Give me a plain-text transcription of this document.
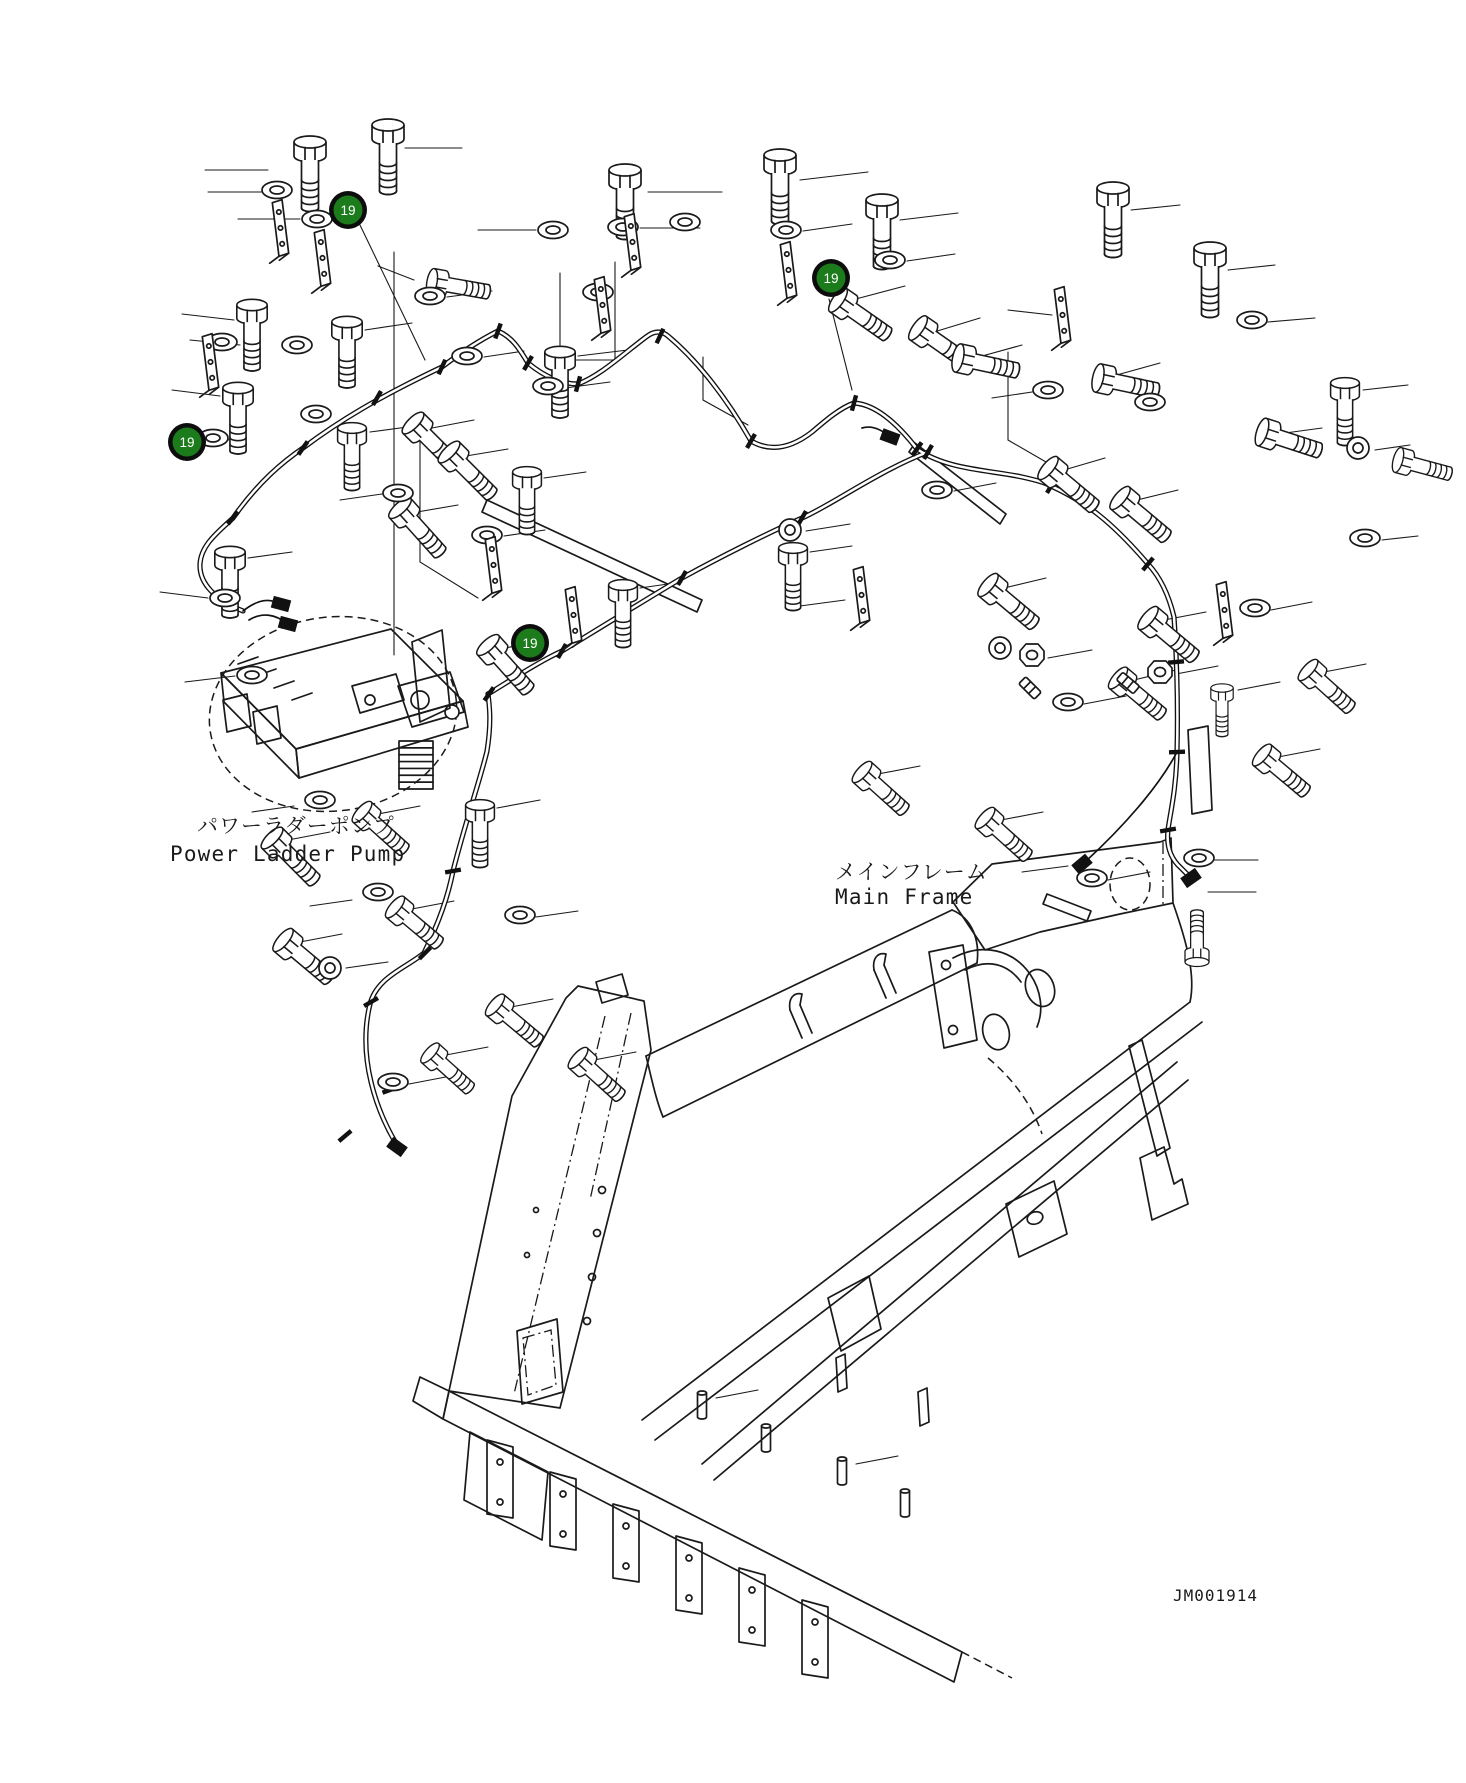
19
19
19
19
パワーラダーポンプ
Power Ladder Pump
メインフレーム
Main Frame
JM001914
